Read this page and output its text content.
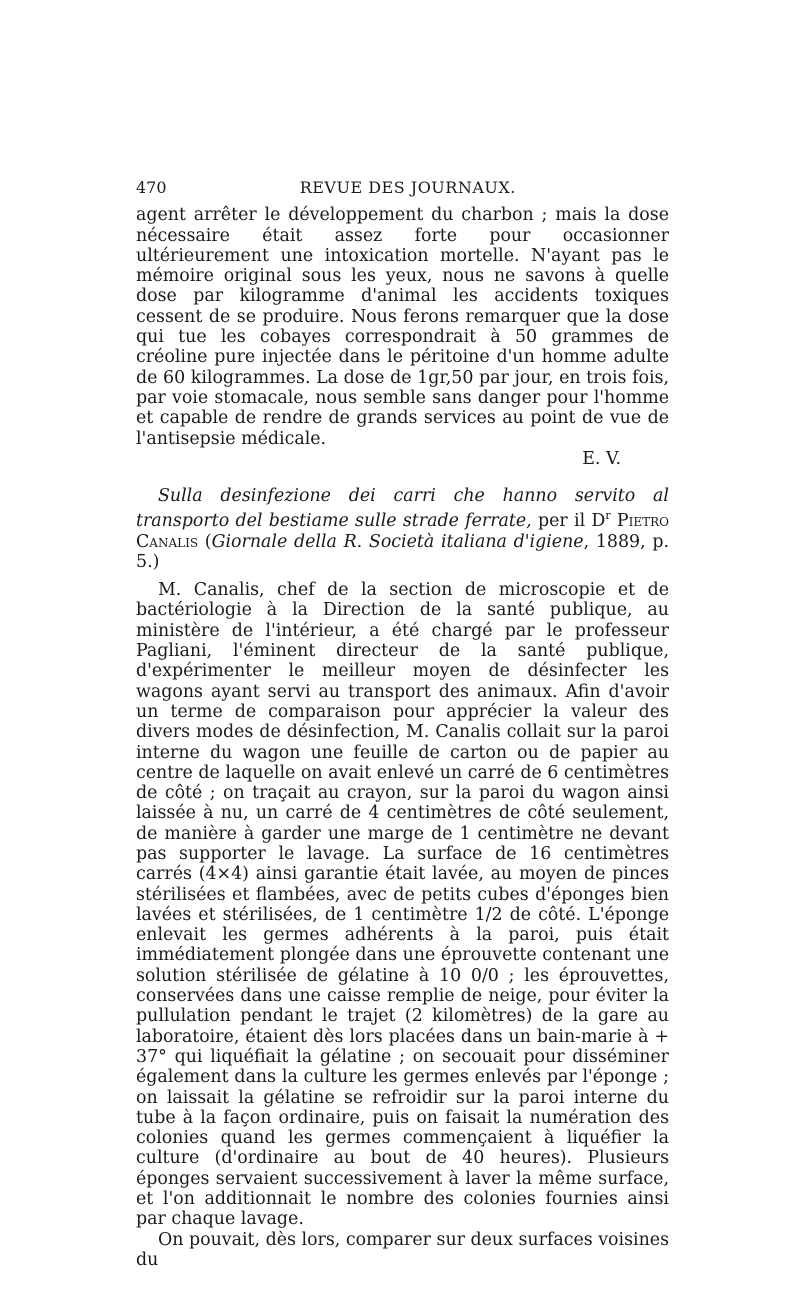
470	REVUE DES JOURNAUX.

agent arrêter le développement du charbon ; mais la dose nécessaire était assez forte pour occasionner ultérieurement une intoxication mortelle. N'ayant pas le mémoire original sous les yeux, nous ne savons à quelle dose par kilogramme d'animal les accidents toxiques cessent de se produire. Nous ferons remarquer que la dose qui tue les cobayes correspondrait à 50 grammes de créoline pure injectée dans le péritoine d'un homme adulte de 60 kilogrammes. La dose de 1gr,50 par jour, en trois fois, par voie stomacale, nous semble sans danger pour l'homme et capable de rendre de grands services au point de vue de l'antisepsie médicale.

E. V.

Sulla desinfezione dei carri che hanno servito al transporto del bestiame sulle strade ferrate, per il $D^r$ Pietro Canalis (Giornale della R. Società italiana d'igiene, 1889, p. 5.)

M. Canalis, chef de la section de microscopie et de bactériologie à la Direction de la santé publique, au ministère de l'intérieur, a été chargé par le professeur Pagliani, l'éminent directeur de la santé publique, d'expérimenter le meilleur moyen de désinfecter les wagons ayant servi au transport des animaux. Afin d'avoir un terme de comparaison pour apprécier la valeur des divers modes de désinfection, M. Canalis collait sur la paroi interne du wagon une feuille de carton ou de papier au centre de laquelle on avait enlevé un carré de 6 centimètres de côté ; on traçait au crayon, sur la paroi du wagon ainsi laissée à nu, un carré de 4 centimètres de côté seulement, de manière à garder une marge de 1 centimètre ne devant pas supporter le lavage. La surface de 16 centimètres carrés (4×4) ainsi garantie était lavée, au moyen de pinces stérilisées et flambées, avec de petits cubes d'éponges bien lavées et stérilisées, de 1 centimètre 1/2 de côté. L'éponge enlevait les germes adhérents à la paroi, puis était immédiatement plongée dans une éprouvette contenant une solution stérilisée de gélatine à 10 0/0 ; les éprouvettes, conservées dans une caisse remplie de neige, pour éviter la pullulation pendant le trajet (2 kilomètres) de la gare au laboratoire, étaient dès lors placées dans un bain-marie à + 37° qui liquéfiait la gélatine ; on secouait pour disséminer également dans la culture les germes enlevés par l'éponge ; on laissait la gélatine se refroidir sur la paroi interne du tube à la façon ordinaire, puis on faisait la numération des colonies quand les germes commençaient à liquéfier la culture (d'ordinaire au bout de 40 heures). Plusieurs éponges servaient successivement à laver la même surface, et l'on additionnait le nombre des colonies fournies ainsi par chaque lavage.

On pouvait, dès lors, comparer sur deux surfaces voisines du
